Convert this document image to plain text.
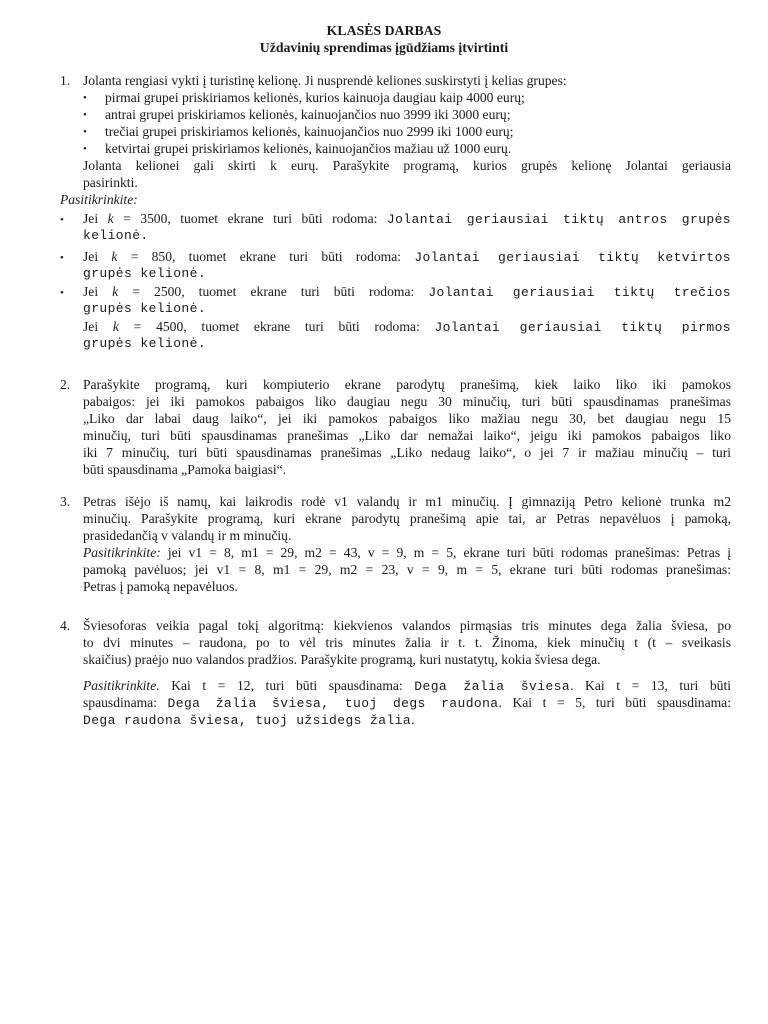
KLASĖS DARBAS
Uždavinių sprendimas įgūdžiams įtvirtinti
1. Jolanta rengiasi vykti į turistinę kelionę. Ji nusprendė keliones suskirstyti į kelias grupes:
• pirmai grupei priskiriamos kelionės, kurios kainuoja daugiau kaip 4000 eurų;
• antrai grupei priskiriamos kelionės, kainuojančios nuo 3999 iki 3000 eurų;
• trečiai grupei priskiriamos kelionės, kainuojančios nuo 2999 iki 1000 eurų;
• ketvirtai grupei priskiriamos kelionės, kainuojančios mažiau už 1000 eurų.
Jolanta kelionei gali skirti k eurų. Parašykite programą, kurios grupės kelionę Jolantai geriausia
pasirinkti.
Pasitikrinkite:
• Jei k = 3500, tuomet ekrane turi būti rodoma: Jolantai geriausiai tiktų antros grupės
kelionė.
• Jei k = 850, tuomet ekrane turi būti rodoma: Jolantai geriausiai tiktų ketvirtos
grupės kelionė.
• Jei k = 2500, tuomet ekrane turi būti rodoma: Jolantai geriausiai tiktų trečios
grupės kelionė.
Jei k = 4500, tuomet ekrane turi būti rodoma: Jolantai geriausiai tiktų pirmos
grupės kelionė.
2. Parašykite programą, kuri kompiuterio ekrane parodytų pranešimą, kiek laiko liko iki pamokos
pabaigos: jei iki pamokos pabaigos liko daugiau negu 30 minučių, turi būti spausdinamas pranešimas
„Liko dar labai daug laiko“, jei iki pamokos pabaigos liko mažiau negu 30, bet daugiau negu 15
minučių, turi būti spausdinamas pranešimas „Liko dar nemažai laiko“, jeigu iki pamokos pabaigos liko
iki 7 minučių, turi būti spausdinamas pranešimas „Liko nedaug laiko“, o jei 7 ir mažiau minučių – turi
būti spausdinama „Pamoka baigiasi“.
3. Petras išėjo iš namų, kai laikrodis rodė v1 valandų ir m1 minučių. Į gimnaziją Petro kelionė trunka m2
minučių. Parašykite programą, kuri ekrane parodytų pranešimą apie tai, ar Petras nepavėluos į pamoką,
prasidedančią v valandų ir m minučių.
Pasitikrinkite: jei v1 = 8, m1 = 29, m2 = 43, v = 9, m = 5, ekrane turi būti rodomas pranešimas: Petras į
pamoką pavėluos; jei v1 = 8, m1 = 29, m2 = 23, v = 9, m = 5, ekrane turi būti rodomas pranešimas:
Petras į pamoką nepavėluos.
4. Šviesoforas veikia pagal tokį algoritmą: kiekvienos valandos pirmąsias tris minutes dega žalia šviesa, po
to dvi minutes – raudona, po to vėl tris minutes žalia ir t. t. Žinoma, kiek minučių t (t – sveikasis
skaičius) praėjo nuo valandos pradžios. Parašykite programą, kuri nustatytų, kokia šviesa dega.
Pasitikrinkite. Kai t = 12, turi būti spausdinama: Dega žalia šviesa. Kai t = 13, turi būti
spausdinama: Dega žalia šviesa, tuoj degs raudona. Kai t = 5, turi būti spausdinama:
Dega raudona šviesa, tuoj užsidegs žalia.
